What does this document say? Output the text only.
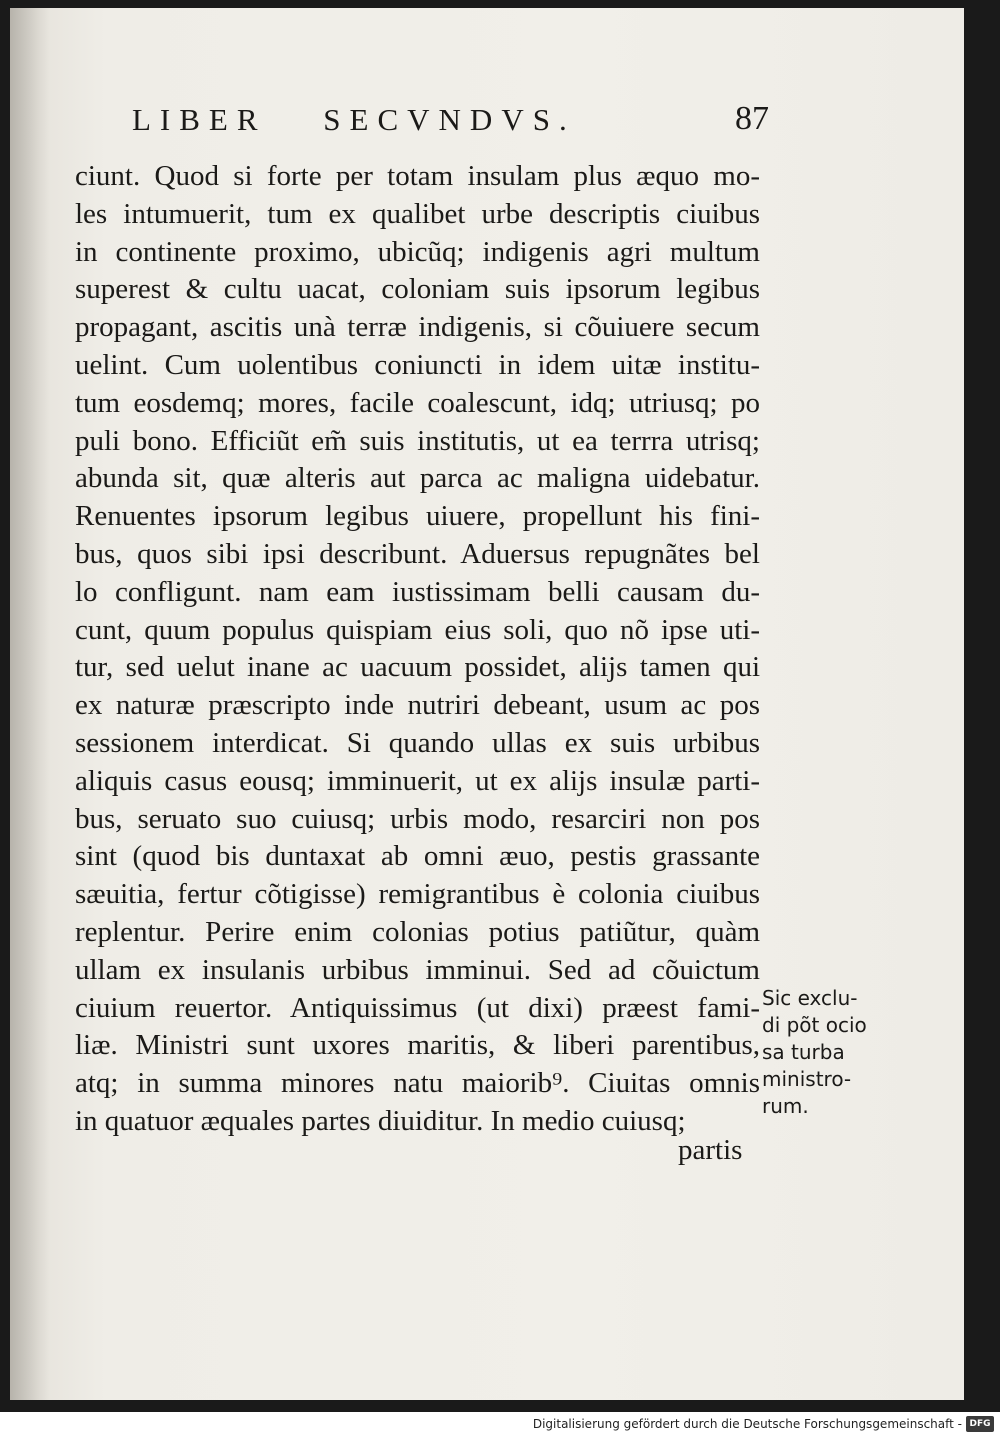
LIBER SECVNDVS.	87
ciunt. Quod si forte per totam insulam plus æquo mo-
les intumuerit, tum ex qualibet urbe descriptis ciuibus
in continente proximo, ubicũq; indigenis agri multum
superest & cultu uacat, coloniam suis ipsorum legibus
propagant, ascitis unà terræ indigenis, si cõuiuere secum
uelint. Cum uolentibus coniuncti in idem uitæ institu-
tum eosdemq; mores, facile coalescunt, idq; utriusq; po
puli bono. Efficiũt em̃ suis institutis, ut ea terrra utrisq;
abunda sit, quæ alteris aut parca ac maligna uidebatur.
Renuentes ipsorum legibus uiuere, propellunt his fini-
bus, quos sibi ipsi describunt. Aduersus repugnãtes bel
lo confligunt. nam eam iustissimam belli causam du-
cunt, quum populus quispiam eius soli, quo nõ ipse uti-
tur, sed uelut inane ac uacuum possidet, alijs tamen qui
ex naturæ præscripto inde nutriri debeant, usum ac pos
sessionem interdicat. Si quando ullas ex suis urbibus
aliquis casus eousq; imminuerit, ut ex alijs insulæ parti-
bus, seruato suo cuiusq; urbis modo, resarciri non pos
sint (quod bis duntaxat ab omni æuo, pestis grassante
sæuitia, fertur cõtigisse) remigrantibus è colonia ciuibus
replentur. Perire enim colonias potius patiũtur, quàm
ullam ex insulanis urbibus imminui. Sed ad cõuictum
ciuium reuertor. Antiquissimus (ut dixi) præest fami-
liæ. Ministri sunt uxores maritis, & liberi parentibus,
atq; in summa minores natu maiorib⁹. Ciuitas omnis
in quatuor æquales partes diuiditur. In medio cuiusq;
partis
Sic exclu-
di põt ocio
sa turba
ministro-
rum.
Digitalisierung gefördert durch die Deutsche Forschungsgemeinschaft - DFG
